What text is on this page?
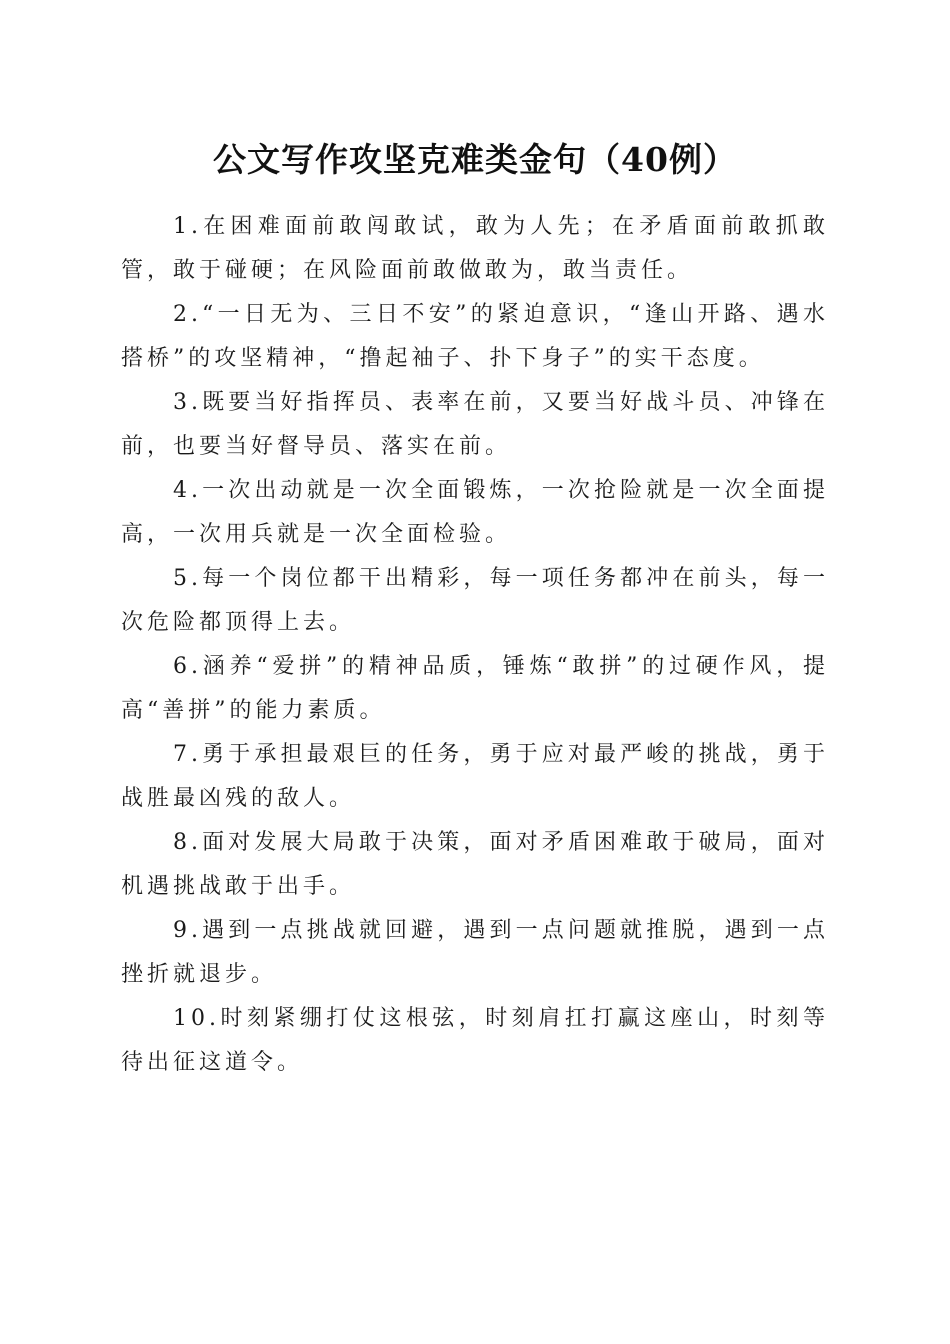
公文写作攻坚克难类金句（40例）

1.在困难面前敢闯敢试，敢为人先；在矛盾面前敢抓敢管，敢于碰硬；在风险面前敢做敢为，敢当责任。

2.“一日无为、三日不安”的紧迫意识，“逢山开路、遇水搭桥”的攻坚精神，“撸起袖子、扑下身子”的实干态度。

3.既要当好指挥员、表率在前，又要当好战斗员、冲锋在前，也要当好督导员、落实在前。

4.一次出动就是一次全面锻炼，一次抢险就是一次全面提高，一次用兵就是一次全面检验。

5.每一个岗位都干出精彩，每一项任务都冲在前头，每一次危险都顶得上去。

6.涵养“爱拼”的精神品质，锤炼“敢拼”的过硬作风，提高“善拼”的能力素质。

7.勇于承担最艰巨的任务，勇于应对最严峻的挑战，勇于战胜最凶残的敌人。

8.面对发展大局敢于决策，面对矛盾困难敢于破局，面对机遇挑战敢于出手。

9.遇到一点挑战就回避，遇到一点问题就推脱，遇到一点挫折就退步。

10.时刻紧绷打仗这根弦，时刻肩扛打赢这座山，时刻等待出征这道令。
